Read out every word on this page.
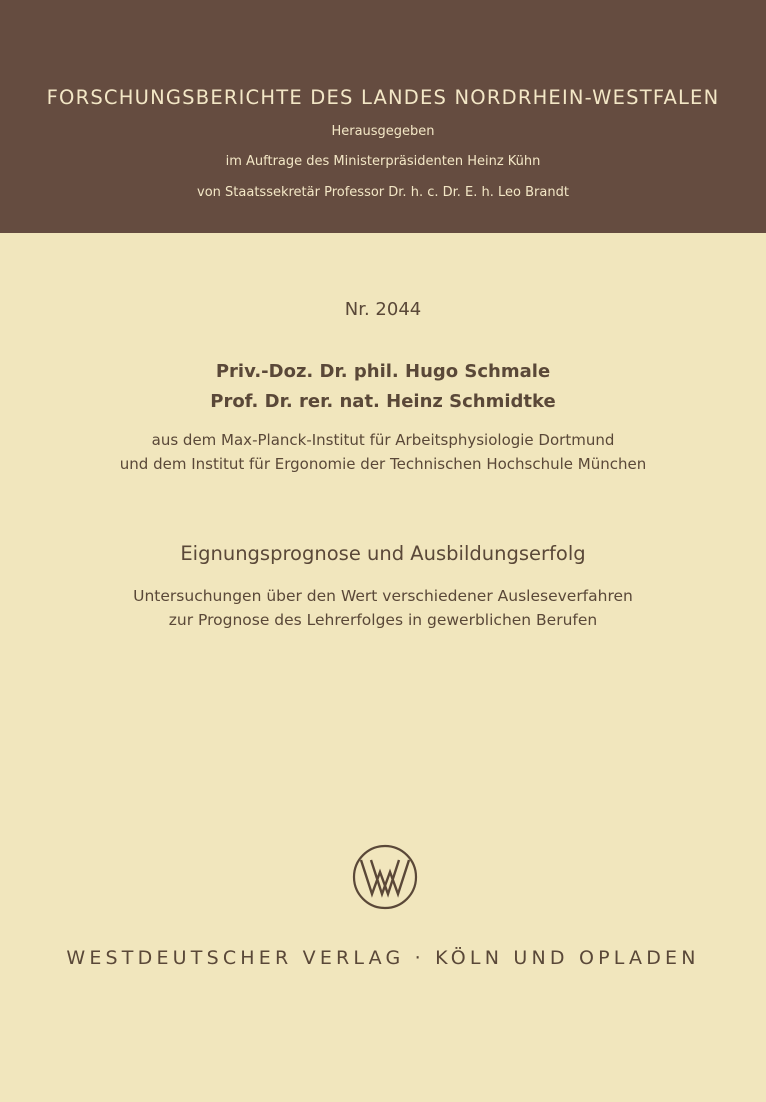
FORSCHUNGSBERICHTE DES LANDES NORDRHEIN-WESTFALEN
Herausgegeben
im Auftrage des Ministerpräsidenten Heinz Kühn
von Staatssekretär Professor Dr. h. c. Dr. E. h. Leo Brandt
Nr. 2044
Priv.-Doz. Dr. phil. Hugo Schmale
Prof. Dr. rer. nat. Heinz Schmidtke
aus dem Max-Planck-Institut für Arbeitsphysiologie Dortmund
und dem Institut für Ergonomie der Technischen Hochschule München
Eignungsprognose und Ausbildungserfolg
Untersuchungen über den Wert verschiedener Ausleseverfahren
zur Prognose des Lehrerfolges in gewerblichen Berufen
WESTDEUTSCHER VERLAG · KÖLN UND OPLADEN
